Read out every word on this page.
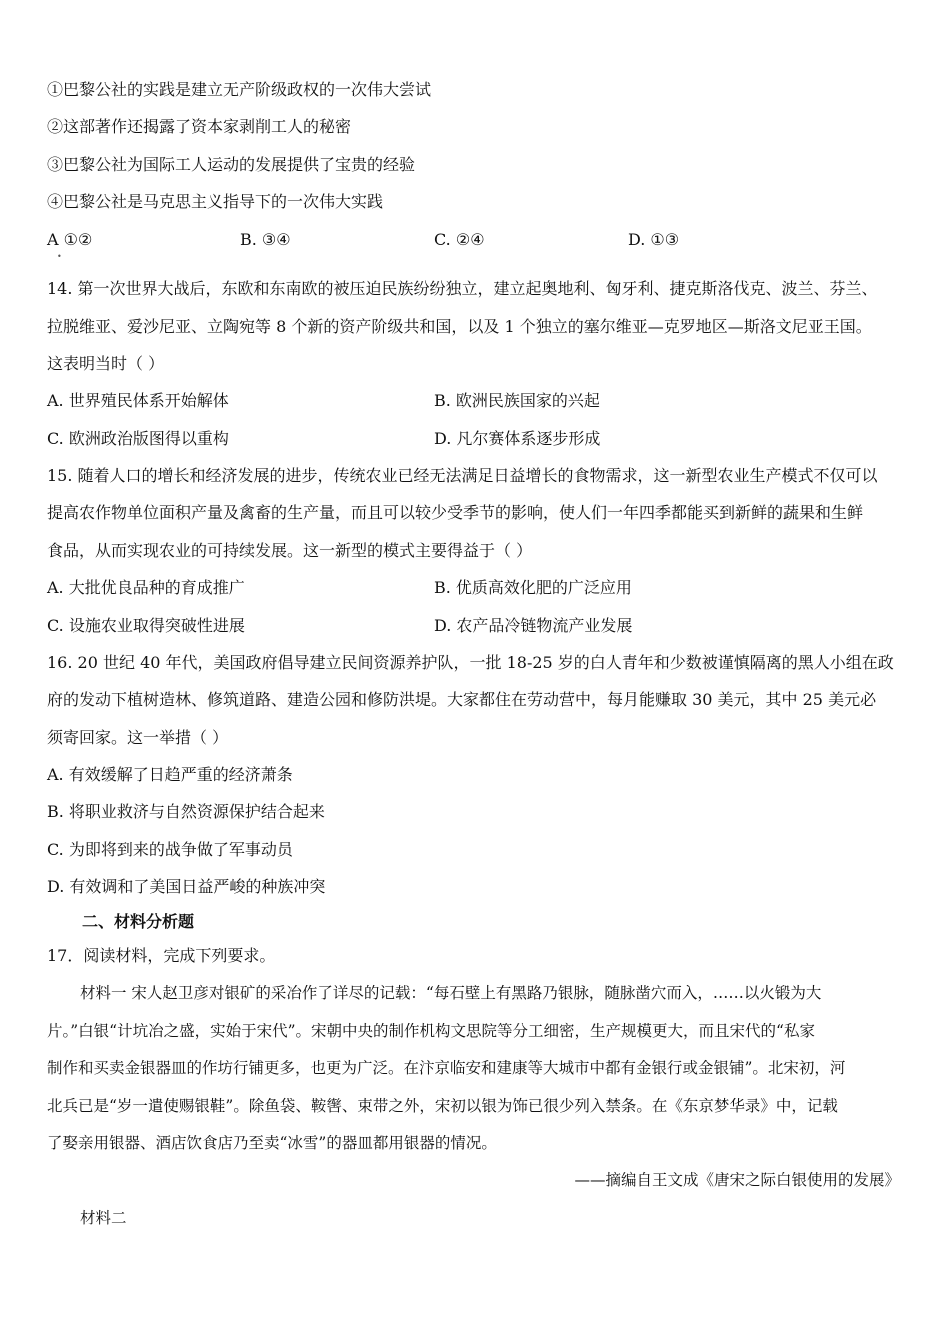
①巴黎公社的实践是建立无产阶级政权的一次伟大尝试
②这部著作还揭露了资本家剥削工人的秘密
③巴黎公社为国际工人运动的发展提供了宝贵的经验
④巴黎公社是马克思主义指导下的一次伟大实践
A ①②	B. ③④	C. ②④	D. ①③
•
14. 第一次世界大战后，东欧和东南欧的被压迫民族纷纷独立，建立起奥地利、匈牙利、捷克斯洛伐克、波兰、芬兰、
拉脱维亚、爱沙尼亚、立陶宛等 8 个新的资产阶级共和国，以及 1 个独立的塞尔维亚—克罗地区—斯洛文尼亚王国。
这表明当时（ ）
A. 世界殖民体系开始解体	B. 欧洲民族国家的兴起
C. 欧洲政治版图得以重构	D. 凡尔赛体系逐步形成
15. 随着人口的增长和经济发展的进步，传统农业已经无法满足日益增长的食物需求，这一新型农业生产模式不仅可以
提高农作物单位面积产量及禽畜的生产量，而且可以较少受季节的影响，使人们一年四季都能买到新鲜的蔬果和生鲜
食品，从而实现农业的可持续发展。这一新型的模式主要得益于（ ）
A. 大批优良品种的育成推广	B. 优质高效化肥的广泛应用
C. 设施农业取得突破性进展	D. 农产品冷链物流产业发展
16. 20 世纪 40 年代，美国政府倡导建立民间资源养护队，一批 18-25 岁的白人青年和少数被谨慎隔离的黑人小组在政
府的发动下植树造林、修筑道路、建造公园和修防洪堤。大家都住在劳动营中，每月能赚取 30 美元，其中 25 美元必
须寄回家。这一举措（ ）
A. 有效缓解了日趋严重的经济萧条
B. 将职业救济与自然资源保护结合起来
C. 为即将到来的战争做了军事动员
D. 有效调和了美国日益严峻的种族冲突
二、材料分析题
17．阅读材料，完成下列要求。
材料一 宋人赵卫彦对银矿的采冶作了详尽的记载：“每石壁上有黑路乃银脉，随脉凿穴而入，……以火锻为大
片。”白银“计坑冶之盛，实始于宋代”。宋朝中央的制作机构文思院等分工细密，生产规模更大，而且宋代的“私家
制作和买卖金银器皿的作坊行铺更多，也更为广泛。在汴京临安和建康等大城市中都有金银行或金银铺”。北宋初，河
北兵已是“岁一遣使赐银鞋”。除鱼袋、鞍辔、束带之外，宋初以银为饰已很少列入禁条。在《东京梦华录》中，记载
了娶亲用银器、酒店饮食店乃至卖“冰雪”的器皿都用银器的情况。
——摘编自王文成《唐宋之际白银使用的发展》
材料二
